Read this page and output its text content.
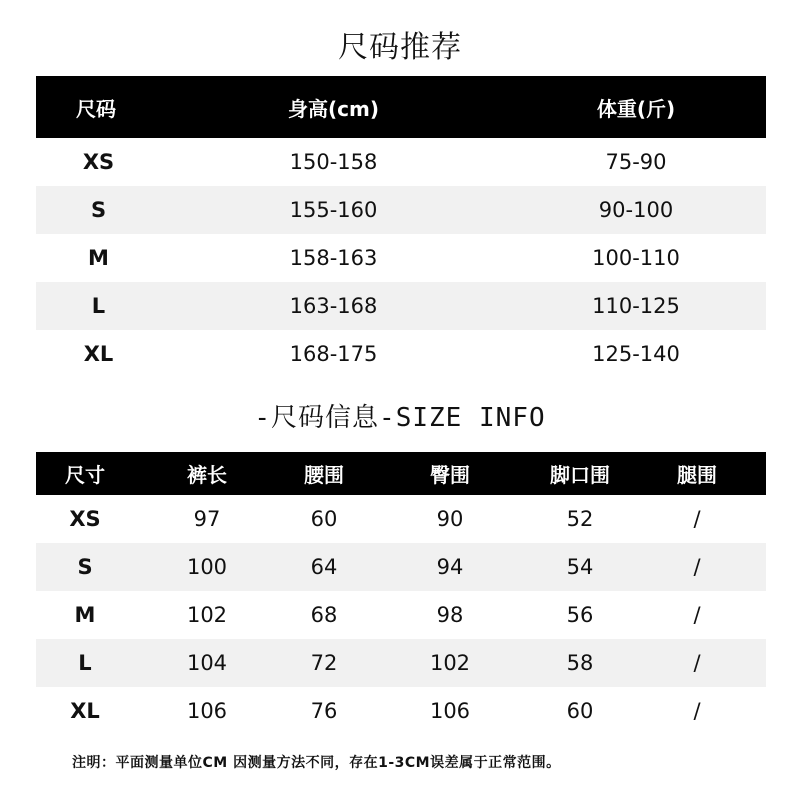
尺码推荐
尺码	身高(cm)	体重(斤)
XS	150-158	75-90
S	155-160	90-100
M	158-163	100-110
L	163-168	110-125
XL	168-175	125-140
-尺码信息-SIZE INFO
尺寸	裤长	腰围	臀围	脚口围	腿围
XS	97	60	90	52	/
S	100	64	94	54	/
M	102	68	98	56	/
L	104	72	102	58	/
XL	106	76	106	60	/
注明：平面测量单位CM 因测量方法不同，存在1-3CM误差属于正常范围。
